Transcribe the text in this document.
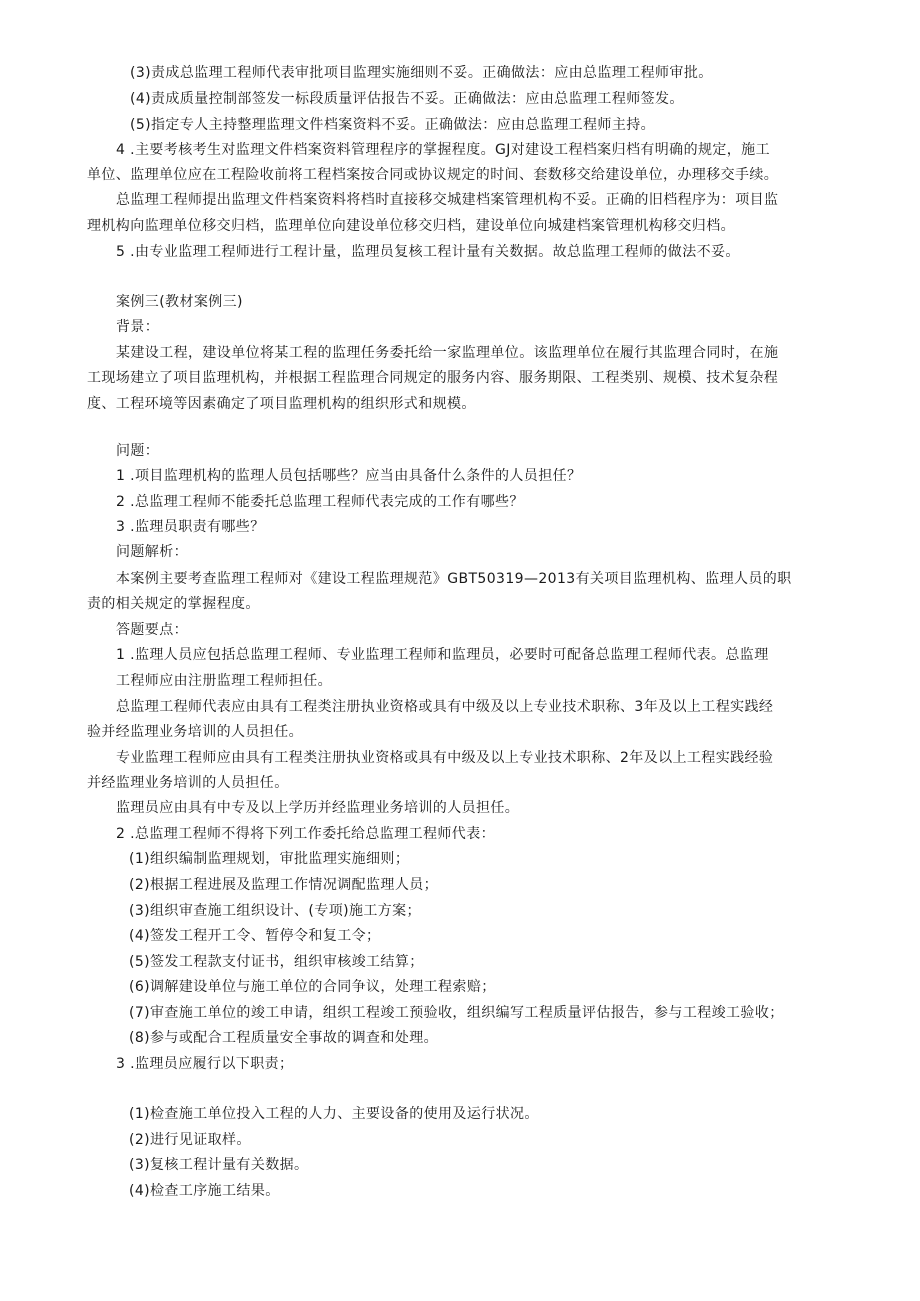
(3)责成总监理工程师代表审批项目监理实施细则不妥。正确做法：应由总监理工程师审批。
(4)责成质量控制部签发一标段质量评估报告不妥。正确做法：应由总监理工程师签发。
(5)指定专人主持整理监理文件档案资料不妥。正确做法：应由总监理工程师主持。
4 .主要考核考生对监理文件档案资料管理程序的掌握程度。GJ对建设工程档案归档有明确的规定，施工
单位、监理单位应在工程险收前将工程档案按合同或协议规定的时间、套数移交给建设单位，办理移交手续。
总监理工程师提出监理文件档案资料将档时直接移交城建档案管理机构不妥。正确的旧档程序为：项目监
理机构向监理单位移交归档，监理单位向建设单位移交归档，建设单位向城建档案管理机构移交归档。
5 .由专业监理工程师进行工程计量，监理员复核工程计量有关数据。故总监理工程师的做法不妥。
案例三(教材案例三)
背景：
某建设工程，建设单位将某工程的监理任务委托给一家监理单位。该监理单位在履行其监理合同时，在施
工现场建立了项目监理机构，并根据工程监理合同规定的服务内容、服务期限、工程类别、规模、技术复杂程
度、工程环境等因素确定了项目监理机构的组织形式和规模。
问题：
1 .项目监理机构的监理人员包括哪些？应当由具备什么条件的人员担任？
2 .总监理工程师不能委托总监理工程师代表完成的工作有哪些？
3 .监理员职责有哪些？
问题解析：
本案例主要考查监理工程师对《建设工程监理规范》GBT50319—2013有关项目监理机构、监理人员的职
责的相关规定的掌握程度。
答题要点：
1 .监理人员应包括总监理工程师、专业监理工程师和监理员，必要时可配备总监理工程师代表。总监理
工程师应由注册监理工程师担任。
总监理工程师代表应由具有工程类注册执业资格或具有中级及以上专业技术职称、3年及以上工程实践经
验并经监理业务培训的人员担任。
专业监理工程师应由具有工程类注册执业资格或具有中级及以上专业技术职称、2年及以上工程实践经验
并经监理业务培训的人员担任。
监理员应由具有中专及以上学历并经监理业务培训的人员担任。
2 .总监理工程师不得将下列工作委托给总监理工程师代表：
(1)组织编制监理规划，审批监理实施细则；
(2)根据工程进展及监理工作情况调配监理人员；
(3)组织审查施工组织设计、(专项)施工方案；
(4)签发工程开工令、暂停令和复工令；
(5)签发工程款支付证书，组织审核竣工结算；
(6)调解建设单位与施工单位的合同争议，处理工程索赔；
(7)审查施工单位的竣工申请，组织工程竣工预验收，组织编写工程质量评估报告，参与工程竣工验收；
(8)参与或配合工程质量安全事故的调查和处理。
3 .监理员应履行以下职责；
(1)检查施工单位投入工程的人力、主要设备的使用及运行状况。
(2)进行见证取样。
(3)复核工程计量有关数据。
(4)检查工序施工结果。
